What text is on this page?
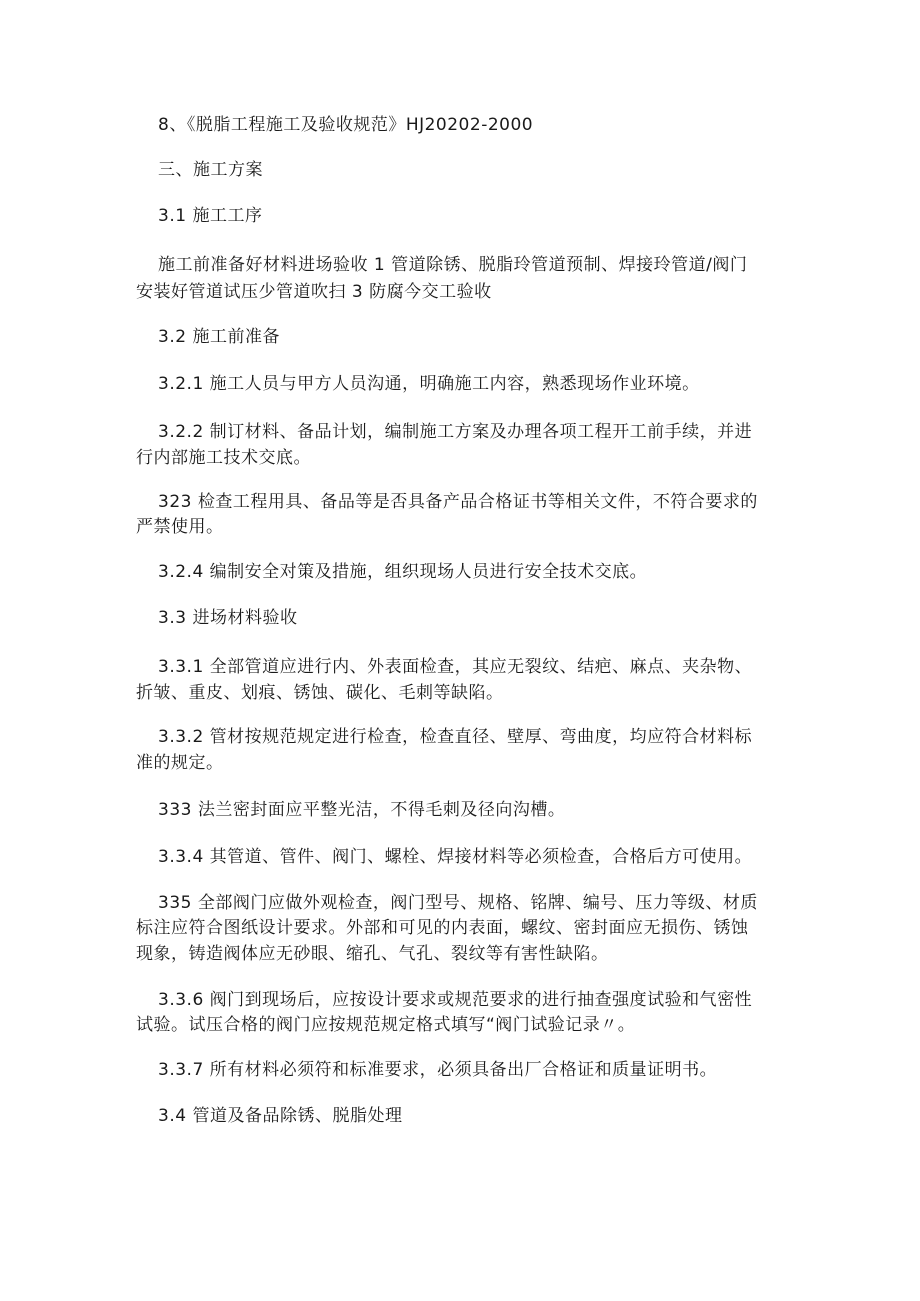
8、《脱脂工程施工及验收规范》HJ20202-2000
三、施工方案
3.1 施工工序
施工前准备好材料进场验收 1 管道除锈、脱脂玲管道预制、焊接玲管道/阀门
安装好管道试压少管道吹扫 3 防腐今交工验收
3.2 施工前准备
3.2.1 施工人员与甲方人员沟通，明确施工内容，熟悉现场作业环境。
3.2.2 制订材料、备品计划，编制施工方案及办理各项工程开工前手续，并进
行内部施工技术交底。
323 检查工程用具、备品等是否具备产品合格证书等相关文件，不符合要求的
严禁使用。
3.2.4 编制安全对策及措施，组织现场人员进行安全技术交底。
3.3 进场材料验收
3.3.1 全部管道应进行内、外表面检查，其应无裂纹、结疤、麻点、夹杂物、
折皱、重皮、划痕、锈蚀、碳化、毛刺等缺陷。
3.3.2 管材按规范规定进行检查，检查直径、壁厚、弯曲度，均应符合材料标
准的规定。
333 法兰密封面应平整光洁，不得毛刺及径向沟槽。
3.3.4 其管道、管件、阀门、螺栓、焊接材料等必须检查，合格后方可使用。
335 全部阀门应做外观检查，阀门型号、规格、铭牌、编号、压力等级、材质
标注应符合图纸设计要求。外部和可见的内表面，螺纹、密封面应无损伤、锈蚀
现象，铸造阀体应无砂眼、缩孔、气孔、裂纹等有害性缺陷。
3.3.6 阀门到现场后，应按设计要求或规范要求的进行抽查强度试验和气密性
试验。试压合格的阀门应按规范规定格式填写“阀门试验记录〃。
3.3.7 所有材料必须符和标准要求，必须具备出厂合格证和质量证明书。
3.4 管道及备品除锈、脱脂处理
